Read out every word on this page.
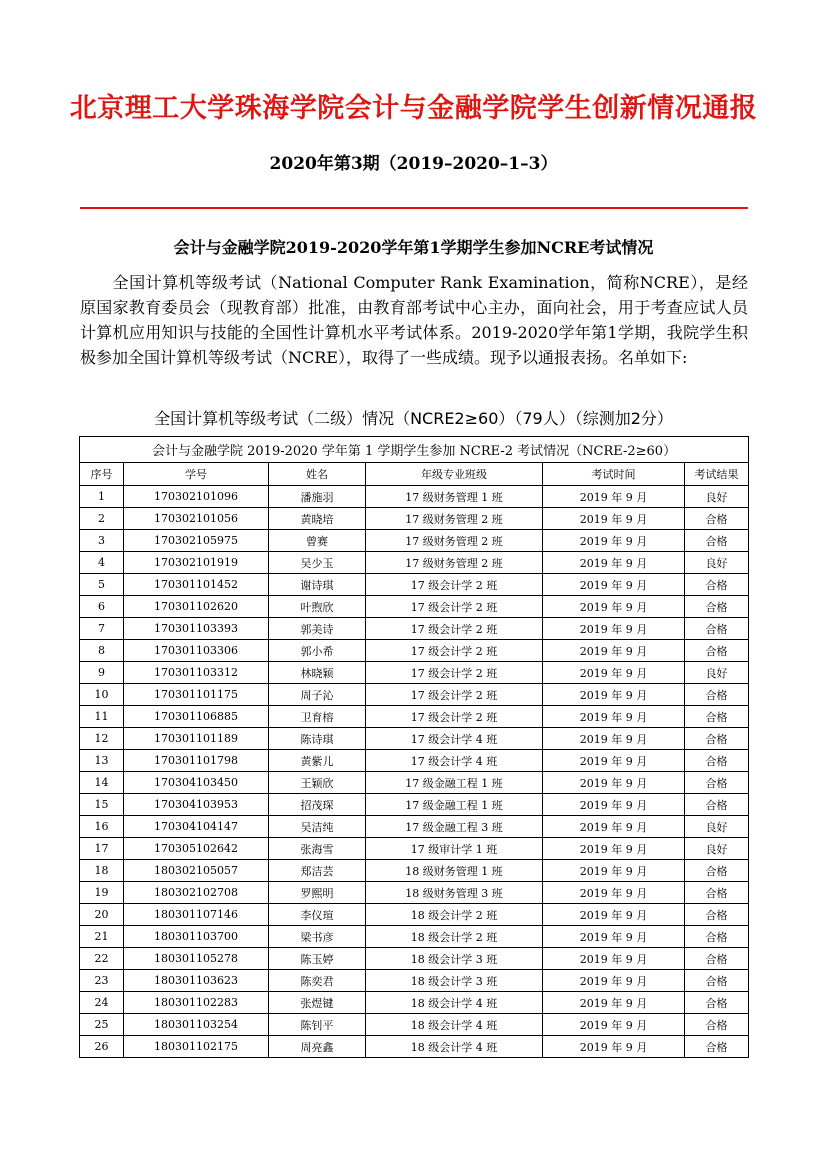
北京理工大学珠海学院会计与金融学院学生创新情况通报
2020年第3期（2019–2020–1–3）
会计与金融学院2019-2020学年第1学期学生参加NCRE考试情况
  全国计算机等级考试（National Computer Rank Examination，简称NCRE），是经原国家教育委员会（现教育部）批准，由教育部考试中心主办，面向社会，用于考查应试人员计算机应用知识与技能的全国性计算机水平考试体系。2019-2020学年第1学期，我院学生积极参加全国计算机等级考试（NCRE），取得了一些成绩。现予以通报表扬。名单如下:
全国计算机等级考试（二级）情况（NCRE2≥60）（79人）（综测加2分）
会计与金融学院 2019-2020 学年第 1 学期学生参加 NCRE-2 考试情况（NCRE-2≥60）					
序号	学号	姓名	年级专业班级	考试时间	考试结果
1	170302101096	潘施羽	17 级财务管理 1 班	2019 年 9 月	良好
2	170302101056	黄晓培	17 级财务管理 2 班	2019 年 9 月	合格
3	170302105975	曾赛	17 级财务管理 2 班	2019 年 9 月	合格
4	170302101919	吴少玉	17 级财务管理 2 班	2019 年 9 月	良好
5	170301101452	谢诗琪	17 级会计学 2 班	2019 年 9 月	合格
6	170301102620	叶煦欣	17 级会计学 2 班	2019 年 9 月	合格
7	170301103393	郭美诗	17 级会计学 2 班	2019 年 9 月	合格
8	170301103306	郭小希	17 级会计学 2 班	2019 年 9 月	合格
9	170301103312	林晓颖	17 级会计学 2 班	2019 年 9 月	良好
10	170301101175	周子沁	17 级会计学 2 班	2019 年 9 月	合格
11	170301106885	卫育榕	17 级会计学 2 班	2019 年 9 月	合格
12	170301101189	陈诗琪	17 级会计学 4 班	2019 年 9 月	合格
13	170301101798	黄紫儿	17 级会计学 4 班	2019 年 9 月	合格
14	170304103450	王颖欣	17 级金融工程 1 班	2019 年 9 月	合格
15	170304103953	招茂琛	17 级金融工程 1 班	2019 年 9 月	合格
16	170304104147	吴洁纯	17 级金融工程 3 班	2019 年 9 月	良好
17	170305102642	张海雪	17 级审计学 1 班	2019 年 9 月	良好
18	180302105057	郑洁芸	18 级财务管理 1 班	2019 年 9 月	合格
19	180302102708	罗熙明	18 级财务管理 3 班	2019 年 9 月	合格
20	180301107146	李仪瑄	18 级会计学 2 班	2019 年 9 月	合格
21	180301103700	梁书彦	18 级会计学 2 班	2019 年 9 月	合格
22	180301105278	陈玉婷	18 级会计学 3 班	2019 年 9 月	合格
23	180301103623	陈奕君	18 级会计学 3 班	2019 年 9 月	合格
24	180301102283	张煜键	18 级会计学 4 班	2019 年 9 月	合格
25	180301103254	陈钊平	18 级会计学 4 班	2019 年 9 月	合格
26	180301102175	周亮鑫	18 级会计学 4 班	2019 年 9 月	合格
